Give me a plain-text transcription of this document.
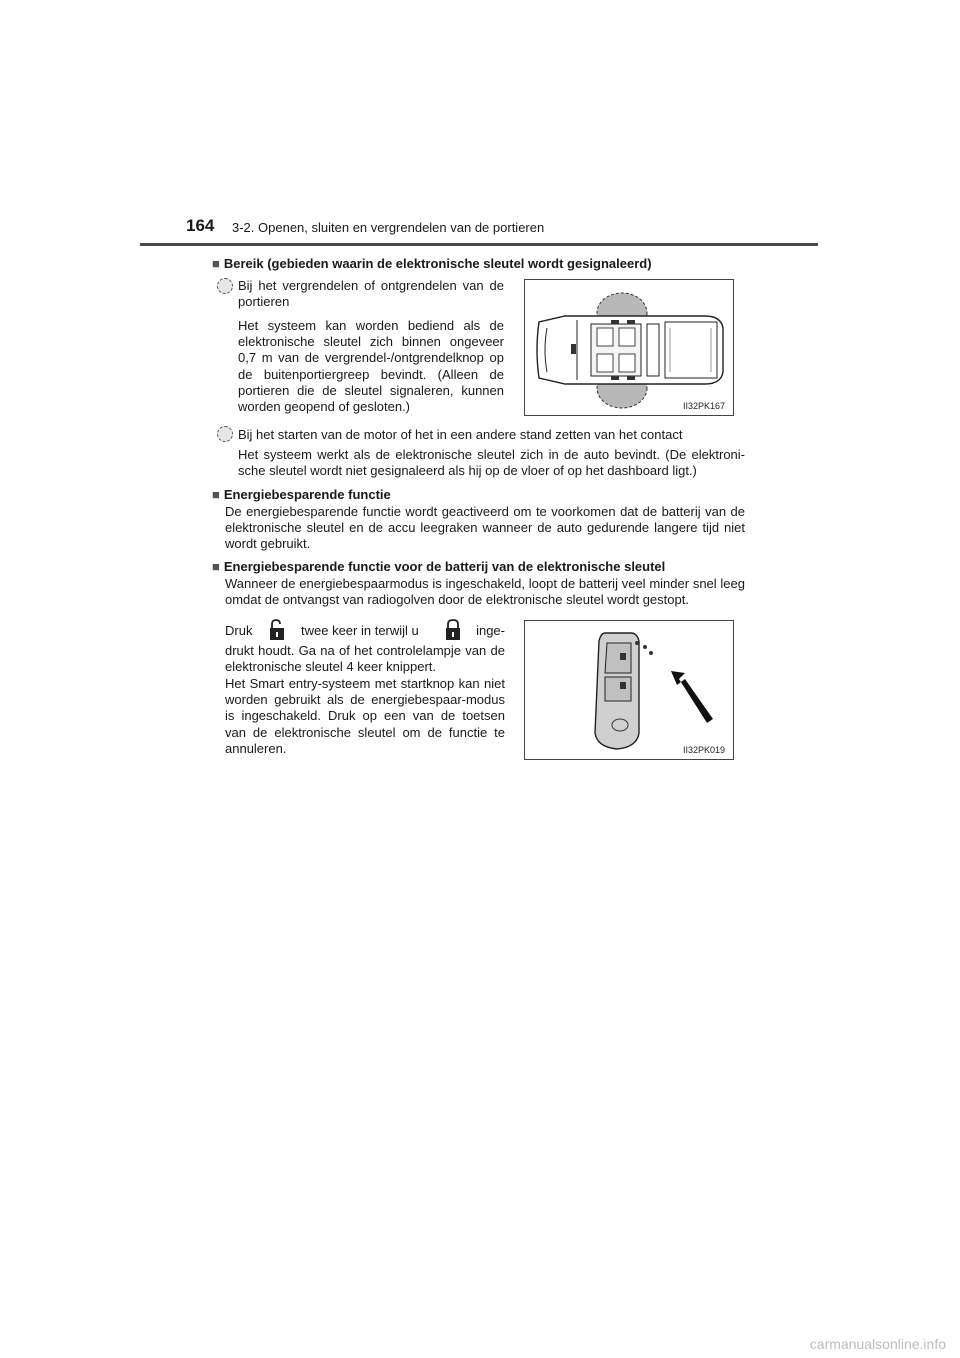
164 3-2. Openen, sluiten en vergrendelen van de portieren
■ Bereik (gebieden waarin de elektronische sleutel wordt gesignaleerd)
Bij het vergrendelen of ontgrendelen van de
portieren
Het systeem kan worden bediend als de elektronische sleutel zich binnen ongeveer 0,7 m van de vergrendel-/ontgrendelknop op de buitenportiergreep bevindt. (Alleen de portieren die de sleutel signaleren, kunnen worden geopend of gesloten.)	II32PK167
Bij het starten van de motor of het in een andere stand zetten van het contact
Het systeem werkt als de elektronische sleutel zich in de auto bevindt. (De elektroni-sche sleutel wordt niet gesignaleerd als hij op de vloer of op het dashboard ligt.)
■ Energiebesparende functie
De energiebesparende functie wordt geactiveerd om te voorkomen dat de batterij van de elektronische sleutel en de accu leegraken wanneer de auto gedurende langere tijd niet wordt gebruikt.
■ Energiebesparende functie voor de batterij van de elektronische sleutel
Wanneer de energiebespaarmodus is ingeschakeld, loopt de batterij veel minder snel leeg omdat de ontvangst van radiogolven door de elektronische sleutel wordt gestopt.
Druk	twee keer in terwijl u	inge-
drukt houdt. Ga na of het controlelampje van de elektronische sleutel 4 keer knippert.
Het Smart entry-systeem met startknop kan niet worden gebruikt als de energiebespaar-modus is ingeschakeld. Druk op een van de toetsen van de elektronische sleutel om de functie te annuleren.	II32PK019
carmanualsonline.info
